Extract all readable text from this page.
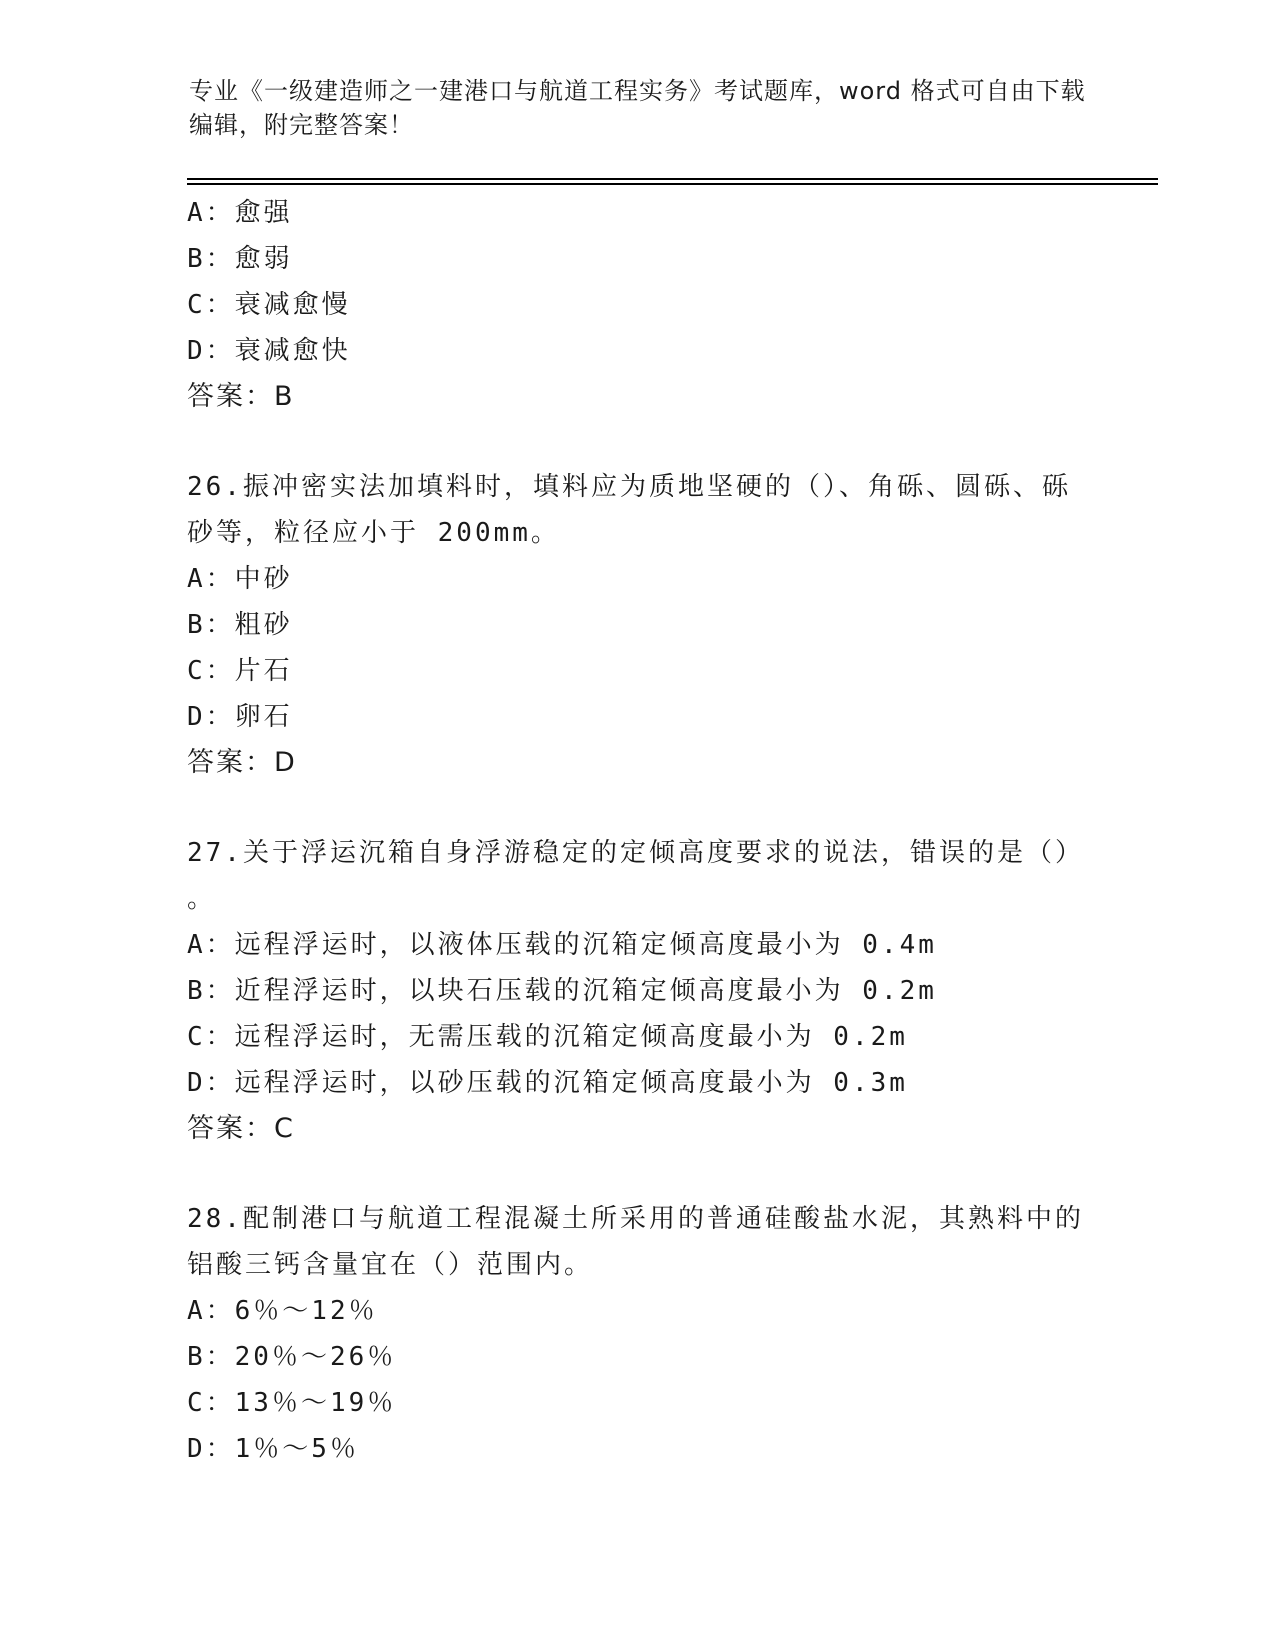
专业《一级建造师之一建港口与航道工程实务》考试题库，word 格式可自由下载
编辑，附完整答案！
A：愈强
B：愈弱
C：衰减愈慢
D：衰减愈快
答案：B
26.振冲密实法加填料时，填料应为质地坚硬的（）、角砾、圆砾、砾
砂等，粒径应小于 200mm。
A：中砂
B：粗砂
C：片石
D：卵石
答案：D
27.关于浮运沉箱自身浮游稳定的定倾高度要求的说法，错误的是（）
。
A：远程浮运时，以液体压载的沉箱定倾高度最小为 0.4m
B：近程浮运时，以块石压载的沉箱定倾高度最小为 0.2m
C：远程浮运时，无需压载的沉箱定倾高度最小为 0.2m
D：远程浮运时，以砂压载的沉箱定倾高度最小为 0.3m
答案：C
28.配制港口与航道工程混凝土所采用的普通硅酸盐水泥，其熟料中的
铝酸三钙含量宜在（）范围内。
A：6％～12％
B：20％～26％
C：13％～19％
D：1％～5％
